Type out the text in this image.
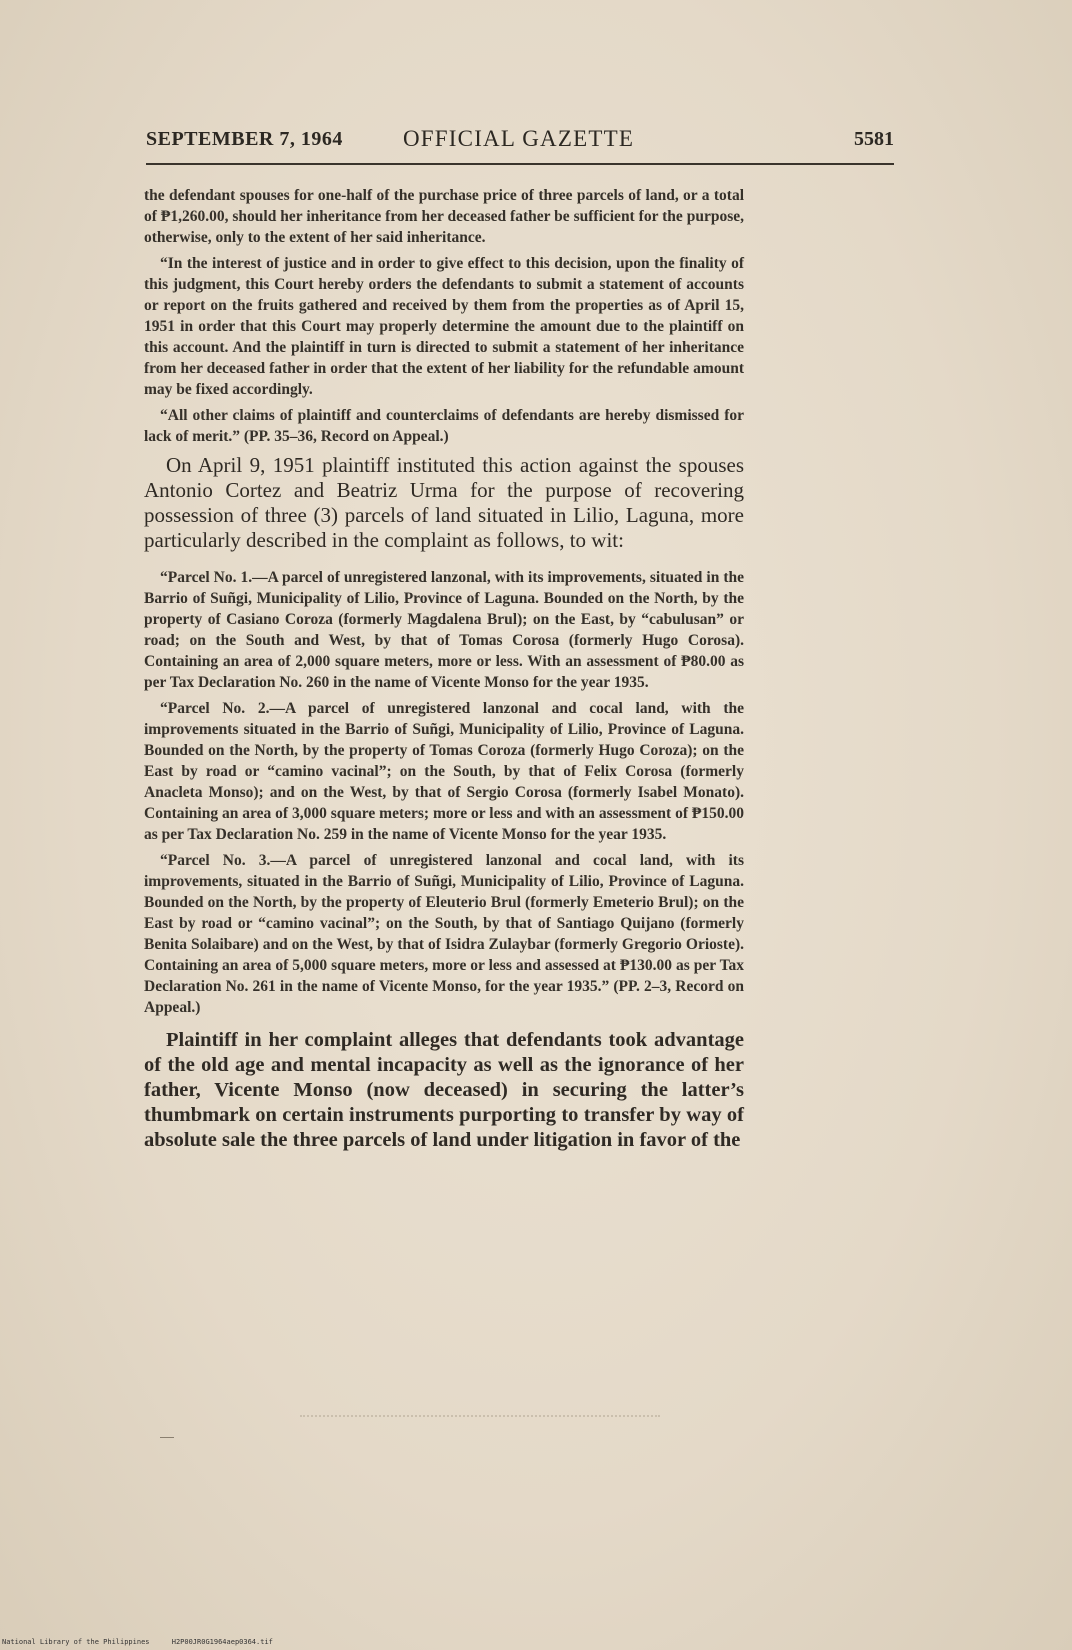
SEPTEMBER 7, 1964	OFFICIAL GAZETTE	5581

the defendant spouses for one-half of the purchase price of three parcels of land, or a total of ₱1,260.00, should her inheritance from her deceased father be sufficient for the purpose, otherwise, only to the extent of her said inheritance.

“In the interest of justice and in order to give effect to this decision, upon the finality of this judgment, this Court hereby orders the defendants to submit a statement of accounts or report on the fruits gathered and received by them from the properties as of April 15, 1951 in order that this Court may properly determine the amount due to the plaintiff on this account. And the plaintiff in turn is directed to submit a statement of her inheritance from her deceased father in order that the extent of her liability for the refundable amount may be fixed accordingly.

“All other claims of plaintiff and counterclaims of defendants are hereby dismissed for lack of merit.” (PP. 35–36, Record on Appeal.)

On April 9, 1951 plaintiff instituted this action against the spouses Antonio Cortez and Beatriz Urma for the purpose of recovering possession of three (3) parcels of land situated in Lilio, Laguna, more particularly described in the complaint as follows, to wit:

“Parcel No. 1.—A parcel of unregistered lanzonal, with its improvements, situated in the Barrio of Suñgi, Municipality of Lilio, Province of Laguna. Bounded on the North, by the property of Casiano Coroza (formerly Magdalena Brul); on the East, by “cabulusan” or road; on the South and West, by that of Tomas Corosa (formerly Hugo Corosa). Containing an area of 2,000 square meters, more or less. With an assessment of ₱80.00 as per Tax Declaration No. 260 in the name of Vicente Monso for the year 1935.

“Parcel No. 2.—A parcel of unregistered lanzonal and cocal land, with the improvements situated in the Barrio of Suñgi, Municipality of Lilio, Province of Laguna. Bounded on the North, by the property of Tomas Coroza (formerly Hugo Coroza); on the East by road or “camino vacinal”; on the South, by that of Felix Corosa (formerly Anacleta Monso); and on the West, by that of Sergio Corosa (formerly Isabel Monato). Containing an area of 3,000 square meters; more or less and with an assessment of ₱150.00 as per Tax Declaration No. 259 in the name of Vicente Monso for the year 1935.

“Parcel No. 3.—A parcel of unregistered lanzonal and cocal land, with its improvements, situated in the Barrio of Suñgi, Municipality of Lilio, Province of Laguna. Bounded on the North, by the property of Eleuterio Brul (formerly Emeterio Brul); on the East by road or “camino vacinal”; on the South, by that of Santiago Quijano (formerly Benita Solaibare) and on the West, by that of Isidra Zulaybar (formerly Gregorio Orioste). Containing an area of 5,000 square meters, more or less and assessed at ₱130.00 as per Tax Declaration No. 261 in the name of Vicente Monso, for the year 1935.” (PP. 2–3, Record on Appeal.)

Plaintiff in her complaint alleges that defendants took advantage of the old age and mental incapacity as well as the ignorance of her father, Vicente Monso (now deceased) in securing the latter’s thumbmark on certain instruments purporting to transfer by way of absolute sale the three parcels of land under litigation in favor of the

National Library of the Philippines	H2P00JR0G1964aep0364.tif
